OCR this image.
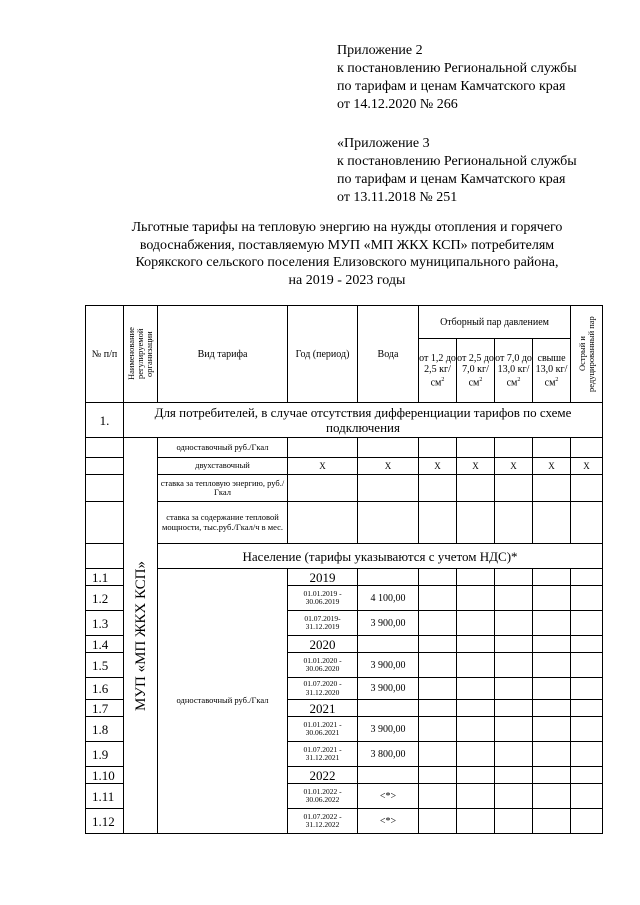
Приложение 2
к постановлению Региональной службы
по тарифам и ценам Камчатского края
от 14.12.2020 № 266
«Приложение 3
к постановлению Региональной службы
по тарифам и ценам Камчатского края
от 13.11.2018 № 251
Льготные тарифы на тепловую энергию на нужды отопления и горячего
водоснабжения, поставляемую МУП «МП ЖКХ КСП» потребителям
Корякского сельского поселения Елизовского муниципального района,
на 2019 - 2023 годы
№ п/п	Наименование регулируемой организации	Вид тарифа	Год (период)	Вода	Отборный пар давлением				Острый и редуцированный пар

					от 1,2 до 2,5 $кг/см^2$	от 2,5 до 7,0 $кг/см^2$	от 7,0 до 13,0 $кг/см^2$	свыше 13,0 $кг/см^2$
1.	Для потребителей, в случае отсутствия дифференциации тарифов по схеме подключения								

	МУП «МП ЖКХ КСП»	одноставочный руб./Гкал							
		двухставочный	X	X	X	X	X	X	X
		ставка за тепловую энергию, руб./Гкал							
		ставка за содержание тепловой мощности, тыс.руб./Гкал/ч в мес.							
		Население (тарифы указываются с учетом НДС)*							
1.1		одноставочный руб./Гкал	2019						
1.2			01.01.2019 - 30.06.2019	4 100,00					
1.3			01.07.2019- 31.12.2019	3 900,00					
1.4			2020						
1.5			01.01.2020 - 30.06.2020	3 900,00					
1.6			01.07.2020 - 31.12.2020	3 900,00					
1.7			2021						
1.8			01.01.2021 - 30.06.2021	3 900,00					
1.9			01.07.2021 - 31.12.2021	3 800,00					
1.10			2022						
1.11			01.01.2022 - 30.06.2022	<*>					
1.12			01.07.2022 - 31.12.2022	<*>					
